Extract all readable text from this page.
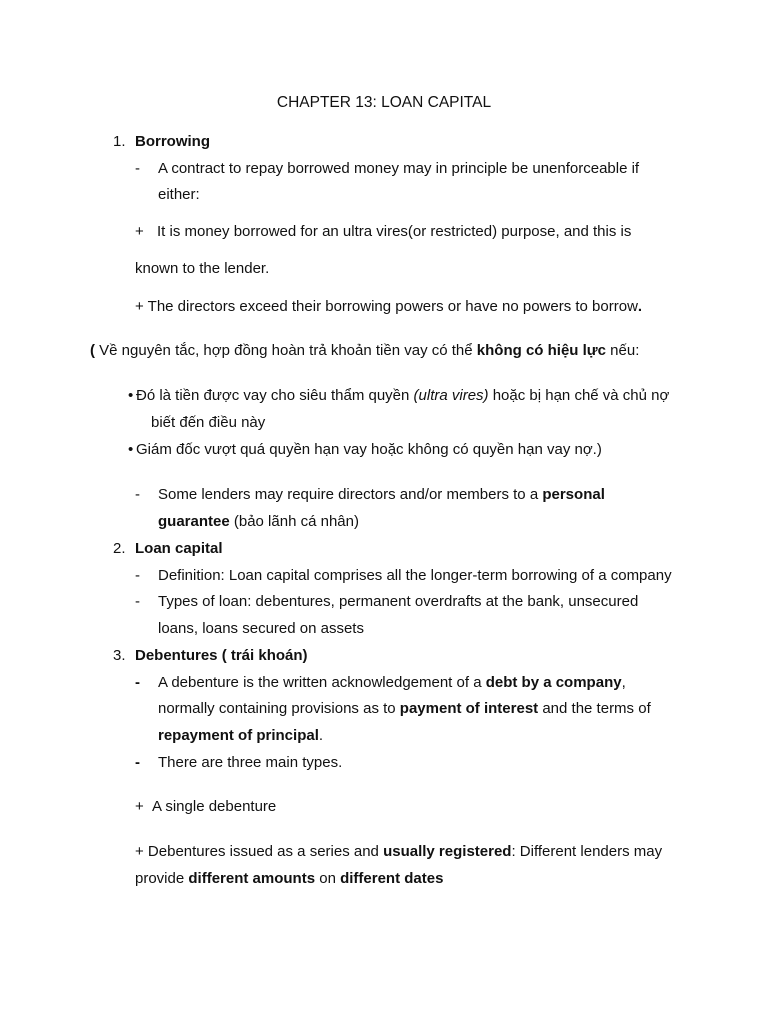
CHAPTER 13: LOAN CAPITAL
1. Borrowing
- A contract to repay borrowed money may in principle be unenforceable if
either:
+ It is money borrowed for an ultra vires(or restricted) purpose, and this is
known to the lender.
+ The directors exceed their borrowing powers or have no powers to borrow.
( Về nguyên tắc, hợp đồng hoàn trả khoản tiền vay có thể không có hiệu lực nếu:
• Đó là tiền được vay cho siêu thẩm quyền (ultra vires) hoặc bị hạn chế và chủ nợ
biết đến điều này
• Giám đốc vượt quá quyền hạn vay hoặc không có quyền hạn vay nợ.)
- Some lenders may require directors and/or members to a personal
guarantee (bảo lãnh cá nhân)
2. Loan capital
- Definition: Loan capital comprises all the longer-term borrowing of a company
- Types of loan: debentures, permanent overdrafts at the bank, unsecured
loans, loans secured on assets
3. Debentures ( trái khoán)
- A debenture is the written acknowledgement of a debt by a company,
normally containing provisions as to payment of interest and the terms of
repayment of principal.
- There are three main types.
+ A single debenture
+ Debentures issued as a series and usually registered: Different lenders may
provide different amounts on different dates
